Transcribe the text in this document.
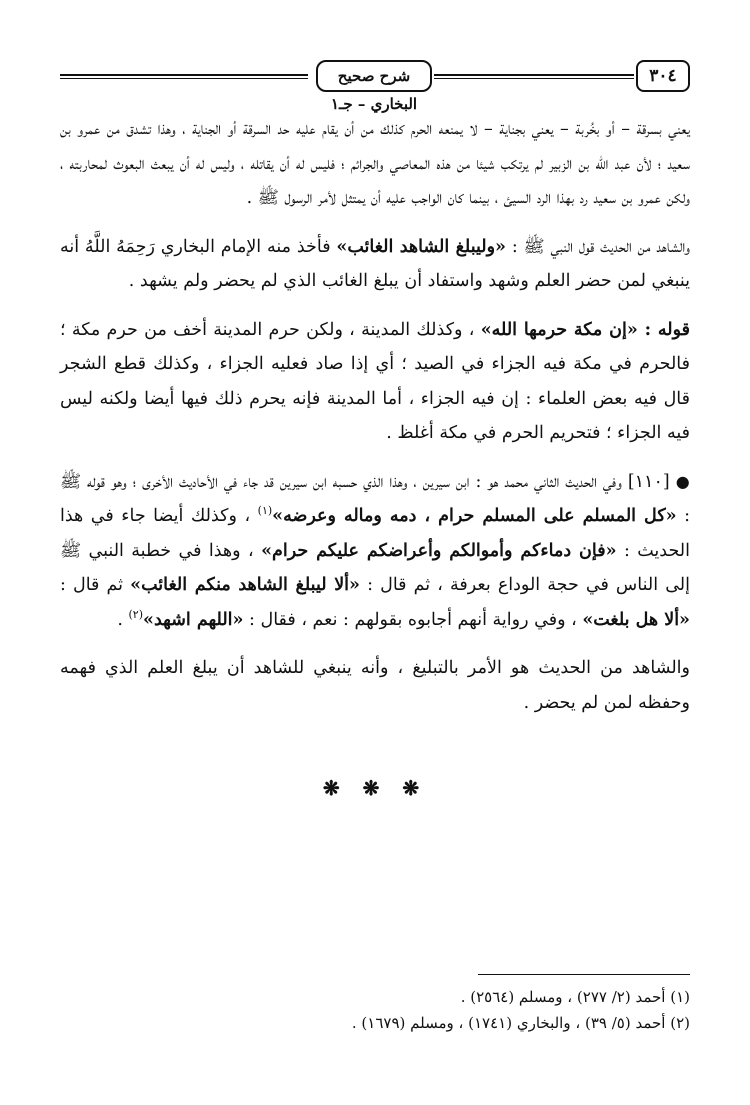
شرح صحيح البخاري – جـ١
٣٠٤

يعني بسرقة – أو بخُربة – يعني بجناية – لا يمنعه الحرم كذلك من أن يقام عليه حد السرقة أو الجناية ، وهذا تشدق من عمرو بن سعيد ؛ لأن عبد الله بن الزبير لم يرتكب شيئا من هذه المعاصي والجرائم ؛ فليس له أن يقاتله ، وليس له أن يبعث البعوث لمحاربته ، ولكن عمرو بن سعيد رد بهذا الرد السيئ ، بينما كان الواجب عليه أن يمتثل لأمر الرسول ﷺ .

والشاهد من الحديث قول النبي ﷺ : «وليبلغ الشاهد الغائب» فأخذ منه الإمام البخاري رَحِمَهُ اللَّهُ أنه ينبغي لمن حضر العلم وشهد واستفاد أن يبلغ الغائب الذي لم يحضر ولم يشهد .

قوله : «إن مكة حرمها الله» ، وكذلك المدينة ، ولكن حرم المدينة أخف من حرم مكة ؛ فالحرم في مكة فيه الجزاء في الصيد ؛ أي إذا صاد فعليه الجزاء ، وكذلك قطع الشجر قال فيه بعض العلماء : إن فيه الجزاء ، أما المدينة فإنه يحرم ذلك فيها أيضا ولكنه ليس فيه الجزاء ؛ فتحريم الحرم في مكة أغلظ .

●[١١٠] وفي الحديث الثاني محمد هو : ابن سيرين ، وهذا الذي حسبه ابن سيرين قد جاء في الأحاديث الأخرى ؛ وهو قوله ﷺ : «كل المسلم على المسلم حرام ، دمه وماله وعرضه»$^{(١)}$ ، وكذلك أيضا جاء في هذا الحديث : «فإن دماءكم وأموالكم وأعراضكم عليكم حرام» ، وهذا في خطبة النبي ﷺ إلى الناس في حجة الوداع بعرفة ، ثم قال : «ألا ليبلغ الشاهد منكم الغائب» ثم قال : «ألا هل بلغت» ، وفي رواية أنهم أجابوه بقولهم : نعم ، فقال : «اللهم اشهد»$^{(٢)}$ .

والشاهد من الحديث هو الأمر بالتبليغ ، وأنه ينبغي للشاهد أن يبلغ العلم الذي فهمه وحفظه لمن لم يحضر .

❋ ❋ ❋
(١) أحمد (٢/ ٢٧٧) ، ومسلم (٢٥٦٤) .
(٢) أحمد (٥/ ٣٩) ، والبخاري (١٧٤١) ، ومسلم (١٦٧٩) .
